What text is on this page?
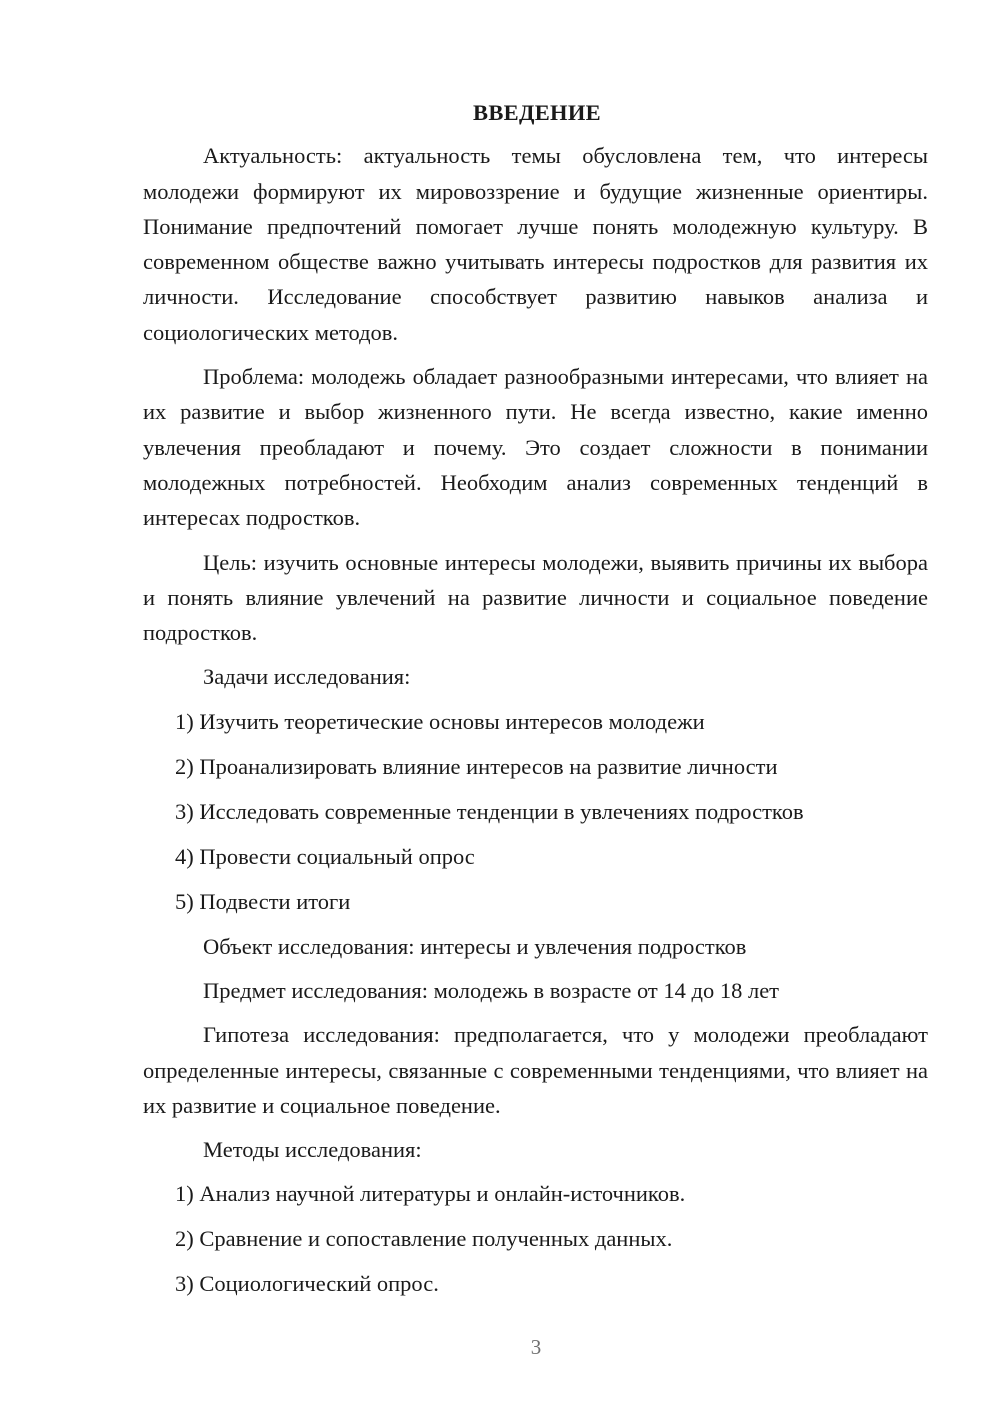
ВВЕДЕНИЕ

Актуальность: актуальность темы обусловлена тем, что интересы молодежи формируют их мировоззрение и будущие жизненные ориентиры. Понимание предпочтений помогает лучше понять молодежную культуру. В современном обществе важно учитывать интересы подростков для развития их личности. Исследование способствует развитию навыков анализа и социологических методов.

Проблема: молодежь обладает разнообразными интересами, что влияет на их развитие и выбор жизненного пути. Не всегда известно, какие именно увлечения преобладают и почему. Это создает сложности в понимании молодежных потребностей. Необходим анализ современных тенденций в интересах подростков.

Цель: изучить основные интересы молодежи, выявить причины их выбора и понять влияние увлечений на развитие личности и социальное поведение подростков.

Задачи исследования:

1) Изучить теоретические основы интересов молодежи
2) Проанализировать влияние интересов на развитие личности
3) Исследовать современные тенденции в увлечениях подростков
4) Провести социальный опрос
5) Подвести итоги

Объект исследования: интересы и увлечения подростков

Предмет исследования: молодежь в возрасте от 14 до 18 лет

Гипотеза исследования: предполагается, что у молодежи преобладают определенные интересы, связанные с современными тенденциями, что влияет на их развитие и социальное поведение.

Методы исследования:

1) Анализ научной литературы и онлайн-источников.
2) Сравнение и сопоставление полученных данных.
3) Социологический опрос.
3
